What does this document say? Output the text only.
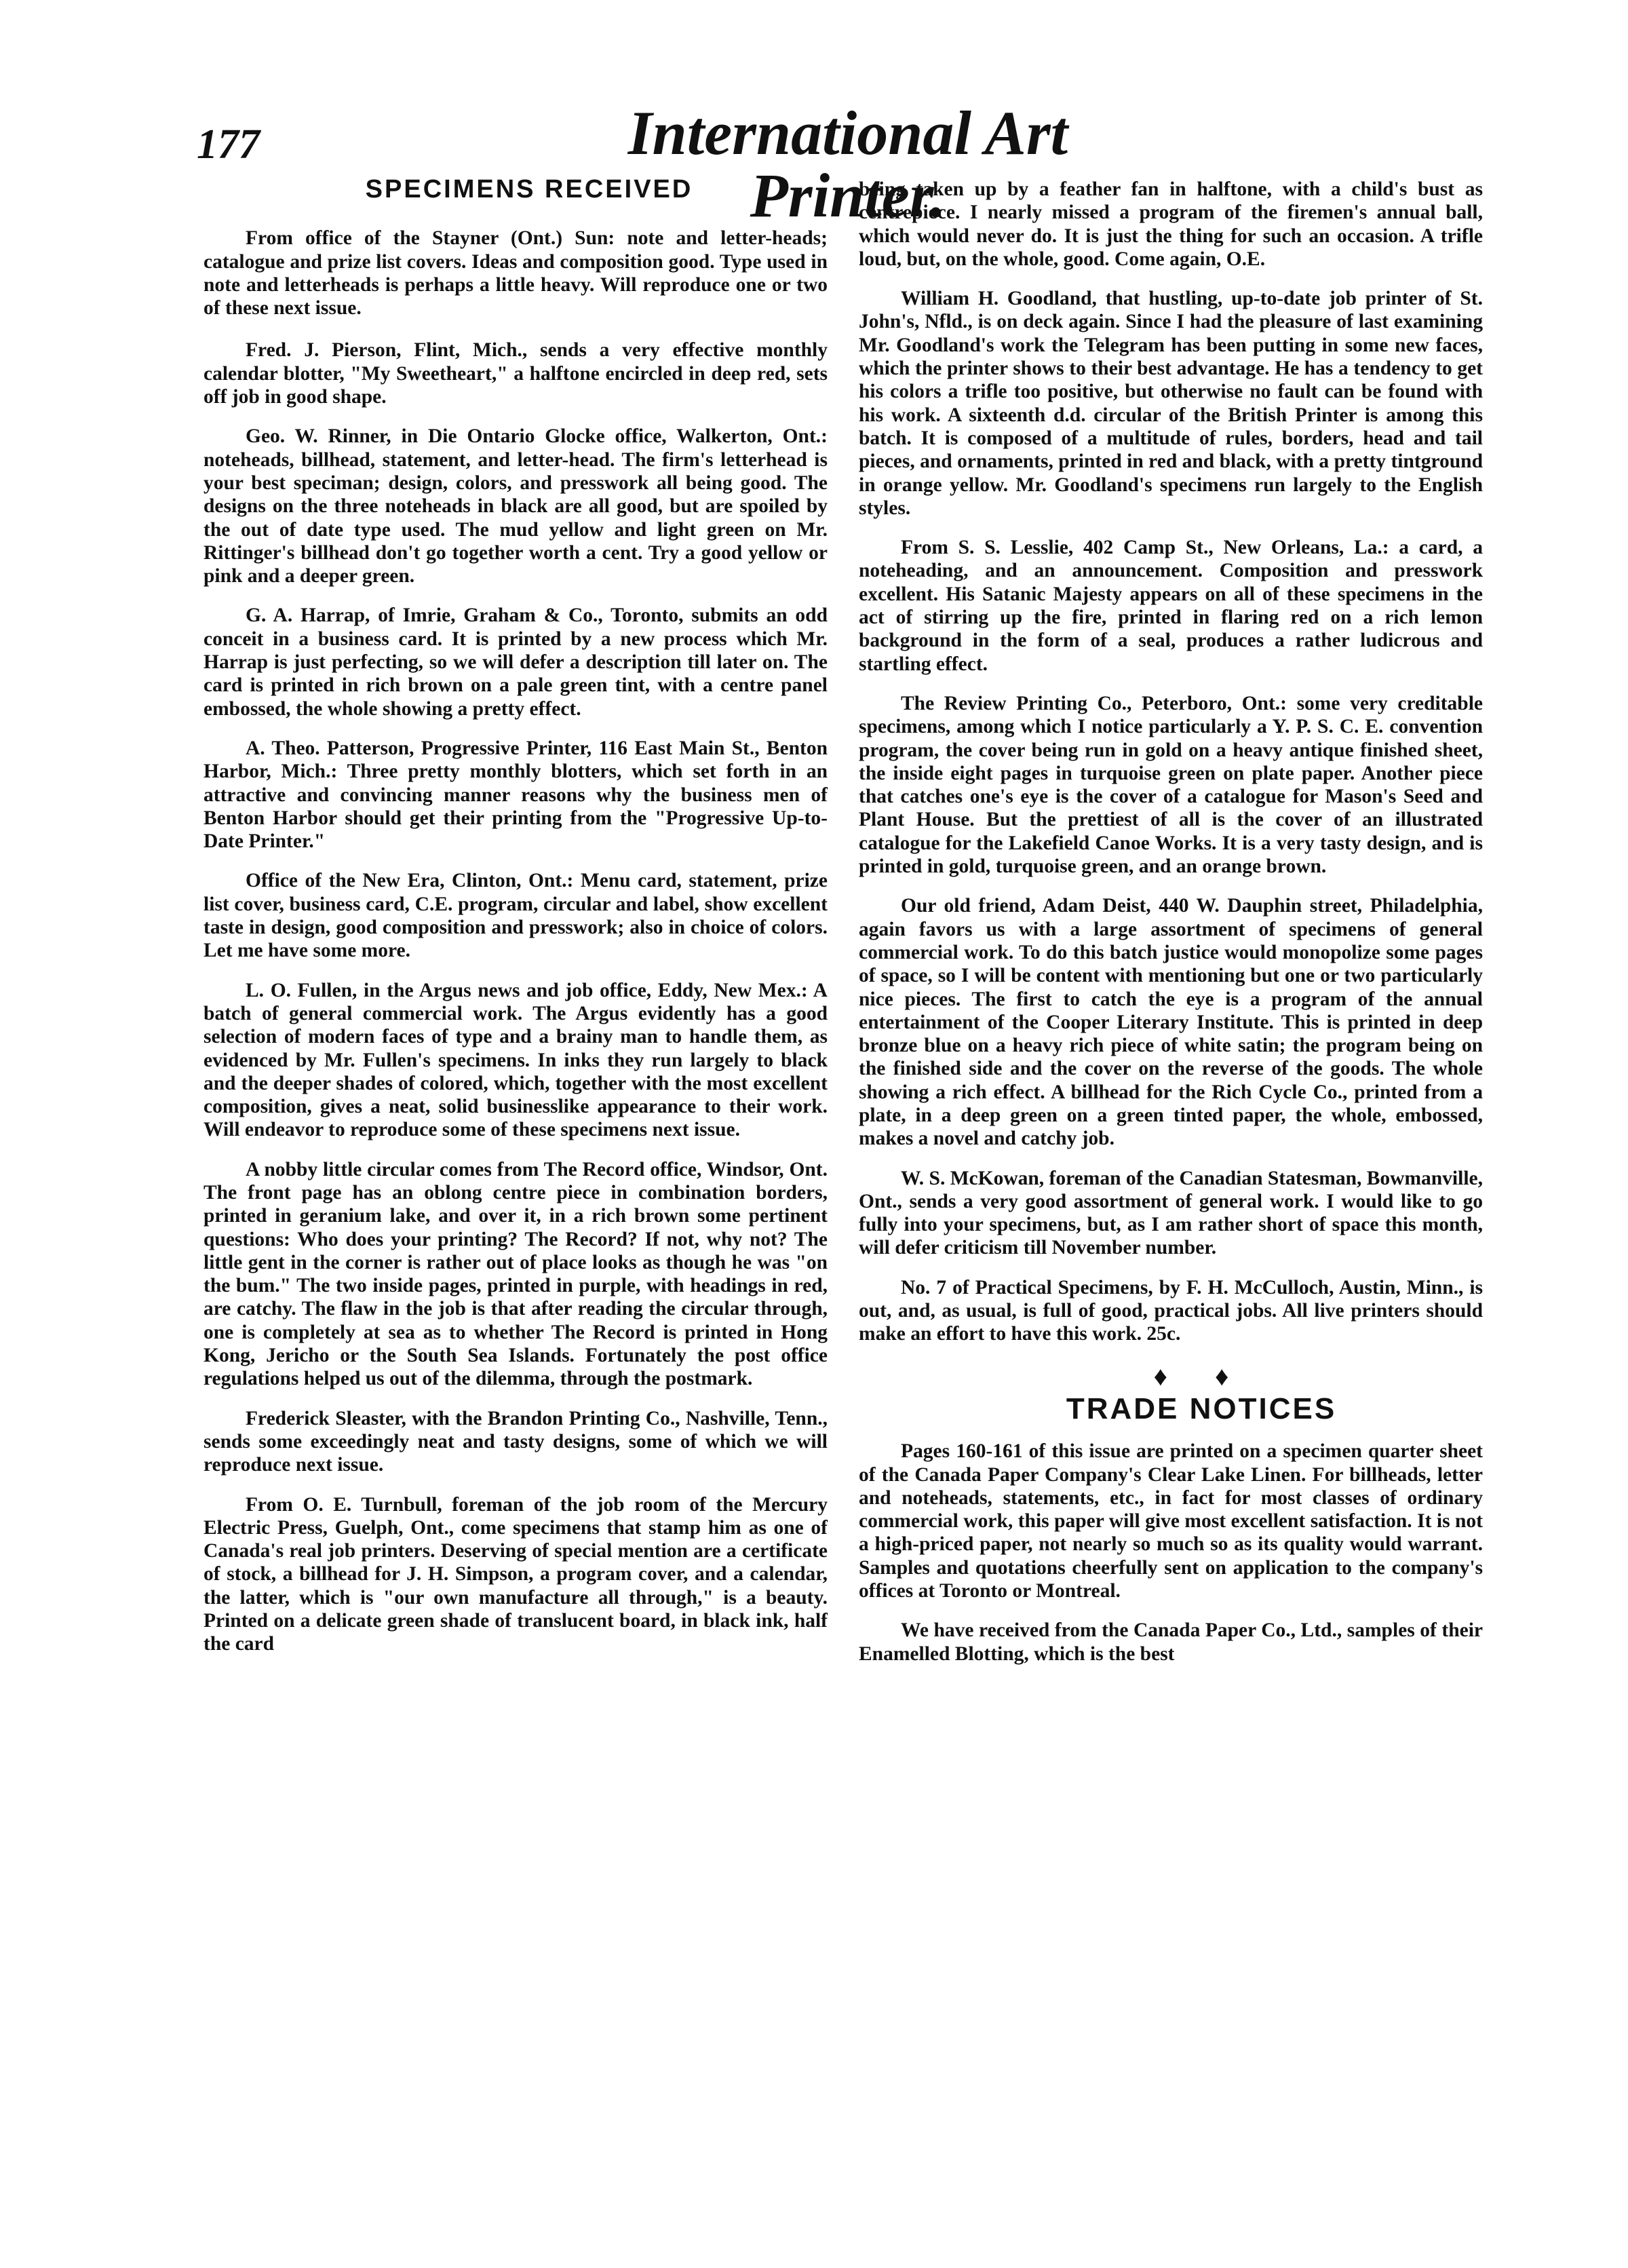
177	International Art Printer.
SPECIMENS RECEIVED

From office of the Stayner (Ont.) Sun: note and letter-heads; catalogue and prize list covers. Ideas and composition good. Type used in note and letterheads is perhaps a little heavy. Will reproduce one or two of these next issue.

Fred. J. Pierson, Flint, Mich., sends a very effective monthly calendar blotter, "My Sweetheart," a halftone encircled in deep red, sets off job in good shape.

Geo. W. Rinner, in Die Ontario Glocke office, Walkerton, Ont.: noteheads, billhead, statement, and letter-head. The firm's letterhead is your best speciman; design, colors, and presswork all being good. The designs on the three noteheads in black are all good, but are spoiled by the out of date type used. The mud yellow and light green on Mr. Rittinger's billhead don't go together worth a cent. Try a good yellow or pink and a deeper green.

G. A. Harrap, of Imrie, Graham & Co., Toronto, submits an odd conceit in a business card. It is printed by a new process which Mr. Harrap is just perfecting, so we will defer a description till later on. The card is printed in rich brown on a pale green tint, with a centre panel embossed, the whole showing a pretty effect.

A. Theo. Patterson, Progressive Printer, 116 East Main St., Benton Harbor, Mich.: Three pretty monthly blotters, which set forth in an attractive and convincing manner reasons why the business men of Benton Harbor should get their printing from the "Progressive Up-to-Date Printer."

Office of the New Era, Clinton, Ont.: Menu card, statement, prize list cover, business card, C.E. program, circular and label, show excellent taste in design, good composition and presswork; also in choice of colors. Let me have some more.

L. O. Fullen, in the Argus news and job office, Eddy, New Mex.: A batch of general commercial work. The Argus evidently has a good selection of modern faces of type and a brainy man to handle them, as evidenced by Mr. Fullen's specimens. In inks they run largely to black and the deeper shades of colored, which, together with the most excellent composition, gives a neat, solid businesslike appearance to their work. Will endeavor to reproduce some of these specimens next issue.

A nobby little circular comes from The Record office, Windsor, Ont. The front page has an oblong centre piece in combination borders, printed in geranium lake, and over it, in a rich brown some pertinent questions: Who does your printing? The Record? If not, why not? The little gent in the corner is rather out of place looks as though he was "on the bum." The two inside pages, printed in purple, with headings in red, are catchy. The flaw in the job is that after reading the circular through, one is completely at sea as to whether The Record is printed in Hong Kong, Jericho or the South Sea Islands. Fortunately the post office regulations helped us out of the dilemma, through the postmark.

Frederick Sleaster, with the Brandon Printing Co., Nashville, Tenn., sends some exceedingly neat and tasty designs, some of which we will reproduce next issue.

From O. E. Turnbull, foreman of the job room of the Mercury Electric Press, Guelph, Ont., come specimens that stamp him as one of Canada's real job printers. Deserving of special mention are a certificate of stock, a billhead for J. H. Simpson, a program cover, and a calendar, the latter, which is "our own manufacture all through," is a beauty. Printed on a delicate green shade of translucent board, in black ink, half the card

being taken up by a feather fan in halftone, with a child's bust as centrepiece. I nearly missed a program of the firemen's annual ball, which would never do. It is just the thing for such an occasion. A trifle loud, but, on the whole, good. Come again, O.E.

William H. Goodland, that hustling, up-to-date job printer of St. John's, Nfld., is on deck again. Since I had the pleasure of last examining Mr. Goodland's work the Telegram has been putting in some new faces, which the printer shows to their best advantage. He has a tendency to get his colors a trifle too positive, but otherwise no fault can be found with his work. A sixteenth d.d. circular of the British Printer is among this batch. It is composed of a multitude of rules, borders, head and tail pieces, and ornaments, printed in red and black, with a pretty tintground in orange yellow. Mr. Goodland's specimens run largely to the English styles.

From S. S. Lesslie, 402 Camp St., New Orleans, La.: a card, a noteheading, and an announcement. Composition and presswork excellent. His Satanic Majesty appears on all of these specimens in the act of stirring up the fire, printed in flaring red on a rich lemon background in the form of a seal, produces a rather ludicrous and startling effect.

The Review Printing Co., Peterboro, Ont.: some very creditable specimens, among which I notice particularly a Y. P. S. C. E. convention program, the cover being run in gold on a heavy antique finished sheet, the inside eight pages in turquoise green on plate paper. Another piece that catches one's eye is the cover of a catalogue for Mason's Seed and Plant House. But the prettiest of all is the cover of an illustrated catalogue for the Lakefield Canoe Works. It is a very tasty design, and is printed in gold, turquoise green, and an orange brown.

Our old friend, Adam Deist, 440 W. Dauphin street, Philadelphia, again favors us with a large assortment of specimens of general commercial work. To do this batch justice would monopolize some pages of space, so I will be content with mentioning but one or two particularly nice pieces. The first to catch the eye is a program of the annual entertainment of the Cooper Literary Institute. This is printed in deep bronze blue on a heavy rich piece of white satin; the program being on the finished side and the cover on the reverse of the goods. The whole showing a rich effect. A billhead for the Rich Cycle Co., printed from a plate, in a deep green on a green tinted paper, the whole, embossed, makes a novel and catchy job.

W. S. McKowan, foreman of the Canadian Statesman, Bowmanville, Ont., sends a very good assortment of general work. I would like to go fully into your specimens, but, as I am rather short of space this month, will defer criticism till November number.

No. 7 of Practical Specimens, by F. H. McCulloch, Austin, Minn., is out, and, as usual, is full of good, practical jobs. All live printers should make an effort to have this work. 25c.

♦ ♦
TRADE NOTICES

Pages 160-161 of this issue are printed on a specimen quarter sheet of the Canada Paper Company's Clear Lake Linen. For billheads, letter and noteheads, statements, etc., in fact for most classes of ordinary commercial work, this paper will give most excellent satisfaction. It is not a high-priced paper, not nearly so much so as its quality would warrant. Samples and quotations cheerfully sent on application to the company's offices at Toronto or Montreal.

We have received from the Canada Paper Co., Ltd., samples of their Enamelled Blotting, which is the best
